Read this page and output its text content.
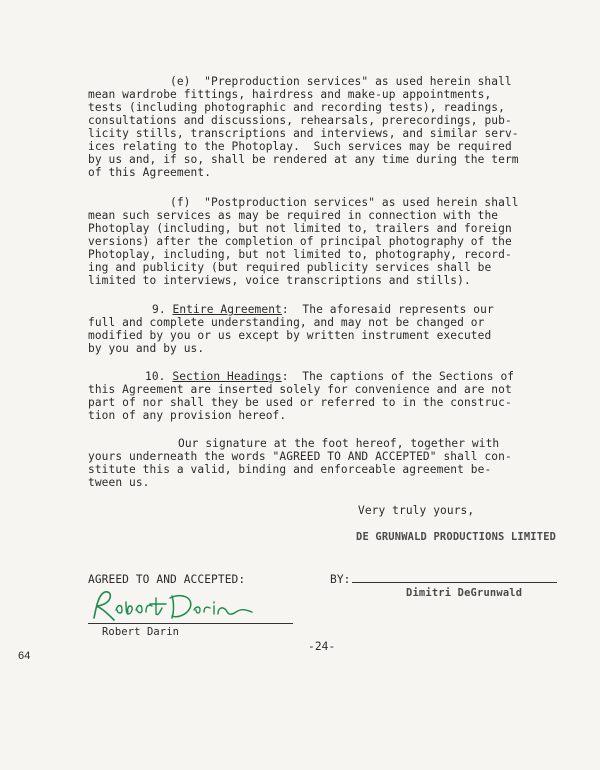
(e)  "Preproduction services" as used herein shall
mean wardrobe fittings, hairdress and make-up appointments,
tests (including photographic and recording tests), readings,
consultations and discussions, rehearsals, prerecordings, pub-
licity stills, transcriptions and interviews, and similar serv-
ices relating to the Photoplay.  Such services may be required
by us and, if so, shall be rendered at any time during the term
of this Agreement.
(f)  "Postproduction services" as used herein shall
mean such services as may be required in connection with the
Photoplay (including, but not limited to, trailers and foreign
versions) after the completion of principal photography of the
Photoplay, including, but not limited to, photography, record-
ing and publicity (but required publicity services shall be
limited to interviews, voice transcriptions and stills).
9. Entire Agreement:  The aforesaid represents our
full and complete understanding, and may not be changed or
modified by you or us except by written instrument executed
by you and by us.
10. Section Headings:  The captions of the Sections of
this Agreement are inserted solely for convenience and are not
part of nor shall they be used or referred to in the construc-
tion of any provision hereof.
Our signature at the foot hereof, together with
yours underneath the words "AGREED TO AND ACCEPTED" shall con-
stitute this a valid, binding and enforceable agreement be-
tween us.
Very truly yours,
DE GRUNWALD PRODUCTIONS LIMITED
AGREED TO AND ACCEPTED:	BY:
Dimitri DeGrunwald
Robert Darin
-24-
64
